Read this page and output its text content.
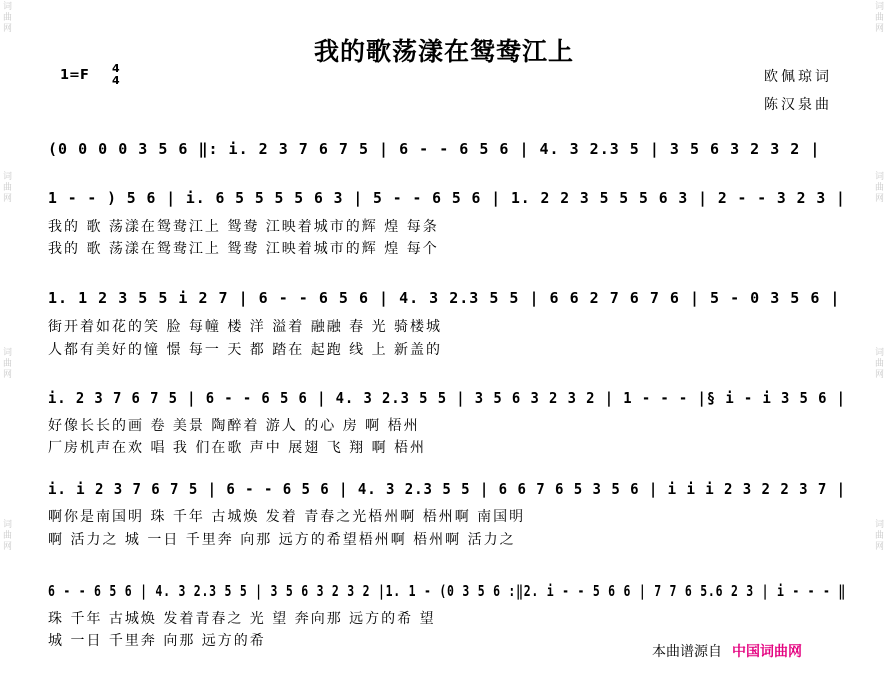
词曲网
词曲网
词曲网
词曲网
词曲网
词曲网
词曲网
词曲网
我的歌荡漾在鸳鸯江上
1=F 4
4	欧佩琼词
陈汉泉曲
(0 0 0 0 3 5 6 ‖: i. 2 3 7 6 7 5 | 6 - - 6 5 6 | 4. 3 2.3 5 | 3 5 6 3 2 3 2 |
1 - - ) 5 6 | i. 6 5 5 5 5 6 3 | 5 - - 6 5 6 | 1. 2 2 3 5 5 5 6 3 | 2 - - 3 2 3 |
我的 歌 荡漾在鸳鸯江上 鸳鸯 江映着城市的辉 煌 每条
我的 歌 荡漾在鸳鸯江上 鸳鸯 江映着城市的辉 煌 每个
1. 1 2 3 5 5 i 2 7 | 6 - - 6 5 6 | 4. 3 2.3 5 5 | 6 6 2 7 6 7 6 | 5 - 0 3 5 6 |
街开着如花的笑 脸 每幢 楼 洋 溢着 融融 春 光 骑楼城
人都有美好的憧 憬 每一 天 都 踏在 起跑 线 上 新盖的
i. 2 3 7 6 7 5 | 6 - - 6 5 6 | 4. 3 2.3 5 5 | 3 5 6 3 2 3 2 | 1 - - - |§ i - i 3 5 6 |
好像长长的画 卷 美景 陶醉着 游人 的心 房 啊 梧州
厂房机声在欢 唱 我 们在歌 声中 展翅 飞 翔 啊 梧州
i. i 2 3 7 6 7 5 | 6 - - 6 5 6 | 4. 3 2.3 5 5 | 6 6 7 6 5 3 5 6 | i i i 2 3 2 2 3 7 |
啊你是南国明 珠 千年 古城焕 发着 青春之光梧州啊 梧州啊 南国明
啊 活力之 城 一日 千里奔 向那 远方的希望梧州啊 梧州啊 活力之
6 - - 6 5 6 | 4. 3 2.3 5 5 | 3 5 6 3 2 3 2 |1. 1 - (0 3 5 6 :‖2. i - - 5 6 6 | 7 7 6 5.6 2 3 | i - - - ‖
珠 千年 古城焕 发着青春之 光 望 奔向那 远方的希 望
城 一日 千里奔 向那 远方的希
本曲谱源自 中国词曲网
